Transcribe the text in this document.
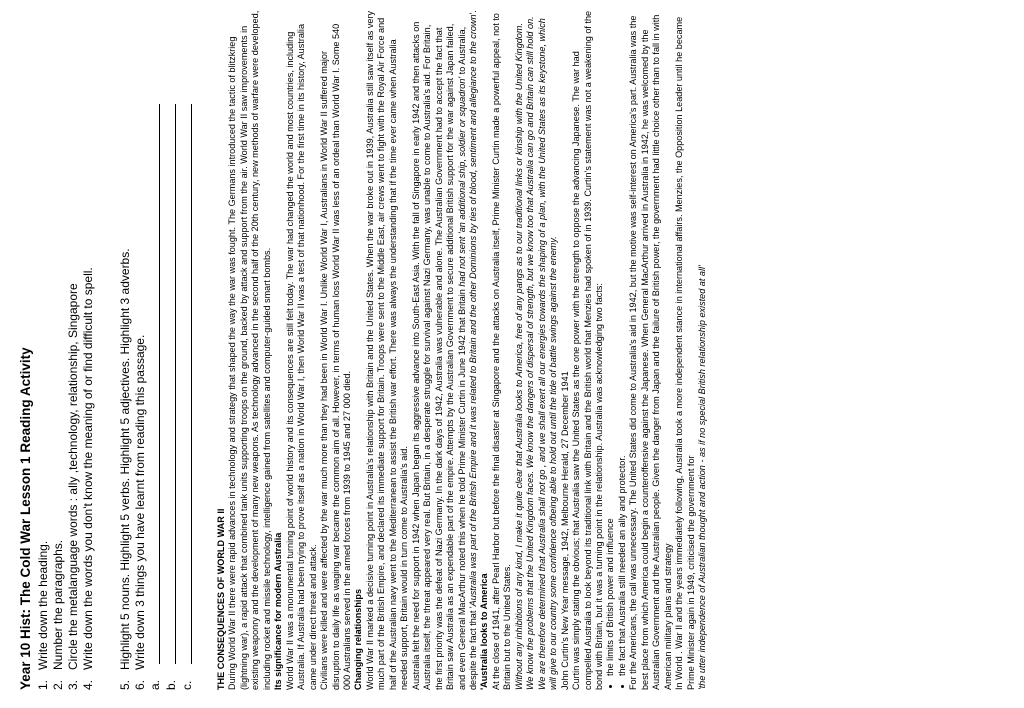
Year 10 Hist: The Cold War Lesson 1 Reading Activity 1.
Write down the heading.
2.
Number the paragraphs.
3.
Circle the metalanguage words : ally ,technology, relationship, Singapore
4.
Write down the words you don't know the meaning of or find difficult to spell.
5.
Highlight 5 nouns. Highlight 5 verbs. Highlight 5 adjectives. Highlight 3 adverbs.
6.
Write down 3 things you have learnt from reading this passage.
a. b. c. THE CONSEQUENCES OF WORLD WAR II During World War II there were rapid advances in technology and strategy that shaped the way the war was fought. The Germans introduced the tactic of blitzkrieg (lightning war), a rapid attack that combined tank units supporting troops on the ground, backed by attack and support from the air. World War II saw improvements in existing weaponry and the development of many new weapons. As technology advanced in the second half of the 20th century, new methods of warfare were developed, including rocket and missile technology, intelligence gained from satellites and computer-guided smart bombs. Its significance for modern Australia World War II was a monumental turning point of world history and its consequences are still felt today. The war had changed the world and most countries, including Australia. If Australia had been trying to prove itself as a nation in World War I, then World War II was a test of that nationhood. For the first time in its history, Australia came under direct threat and attack. Civilians were killed and were affected by the war much more than they had been in World War I. Unlike World War I, Australians in World War II suffered major disruption to daily life as waging war became the common aim of all. However, in terms of human loss World War II was less of an ordeal than World War I. Some 540 000 Australians served in the armed forces from 1939 to 1945 and 27 000 died. Changing relationships World War II marked a decisive turning point in Australia's relationship with Britain and the United States. When the war broke out in 1939, Australia still saw itself as very much part of the British Empire, and declared its immediate support for Britain. Troops were sent to the Middle East, air crews went to fight with the Royal Air Force and half of the Australian navy went to the Mediterranean to assist the British war effort. There was always the understanding that if the time ever came when Australia needed support, Britain would in turn come to Australia's aid. Australia felt the need for support in 1942 when Japan began its aggressive advance into South-East Asia. With the fall of Singapore in early 1942 and then attacks on Australia itself, the threat appeared very real. But Britain, in a desperate struggle for survival against Nazi Germany, was unable to come to Australia's aid. For Britain, the first priority was the defeat of Nazi Germany. In the dark days of 1942, Australia was vulnerable and alone. The Australian Government had to accept the fact that Britain saw Australia as an expendable part of the empire. Attempts by the Australian Government to secure additional British support for the war against Japan failed, and even General MacArthur noted this when he told Prime Minister Curtin in June 1942 that Britain had not sent 'an additional ship, soldier or squadron' to Australia, despite the fact that 'Australia was part of the British Empire and it was related to Britain and the other Dominions by ties of blood, sentiment and allegiance to the crown'.

'Australia looks to America At the close of 1941, after Pearl Harbor but before the final disaster at Singapore and the attacks on Australia itself, Prime Minister Curtin made a powerful appeal, not to Britain but to the United States. Without any inhibitions of any kind, I make it quite clear that Australia looks to America, free of any pangs as to our traditional links or kinship with the United Kingdom. We know the problems that the United Kingdom faces. We know the dangers of dispersal of strength, but we know too that Australia can go and Britain can still hold on. We are therefore determined that Australia shall not go , and we shall exert all our energies towards the shaping of a plan, with the United States as its keystone, which will give to our country some confidence ofbeing able to hold out until the tide of battle swings against the enemy. John Curtin's New Year message, 1942, Melbourne Herald, 27 December 1941 Curtin was simply stating the obvious; that Australia saw the United States as the one power with the strength to oppose the advancing Japanese. The war had compelled Australia to look beyond its traditional link with Britain and the British world that Menzies had spoken of in 1939. Curtin's statement was not a weakening of the bond with Britain, but it was a turning point in the relationship. Australia was acknowledging two facts: • the limits of British power and influence • the fact that Australia still needed an ally and protector. For the Americans, the call was unnecessary. The United States did come to Australia's aid in 1942, but the motive was self-interest on America's part. Australia was the best place from which America could begin a counteroffensive against the Japanese. When General MacArthur arrived in Australia in 1942, he was welcomed by the Australian Government and the Australian people. Given the danger from Japan and the failure of British power, the government had little choice other than to fall in with American military plans and strategy In World . War II and the years immediately following, Australia took a more independent stance in international affairs. Menzies, the Opposition Leader until he became Prime Minister again in 1949, criticised the government for 'the utter independence of Australian thought and action - as if no special British relationship existed at all'
